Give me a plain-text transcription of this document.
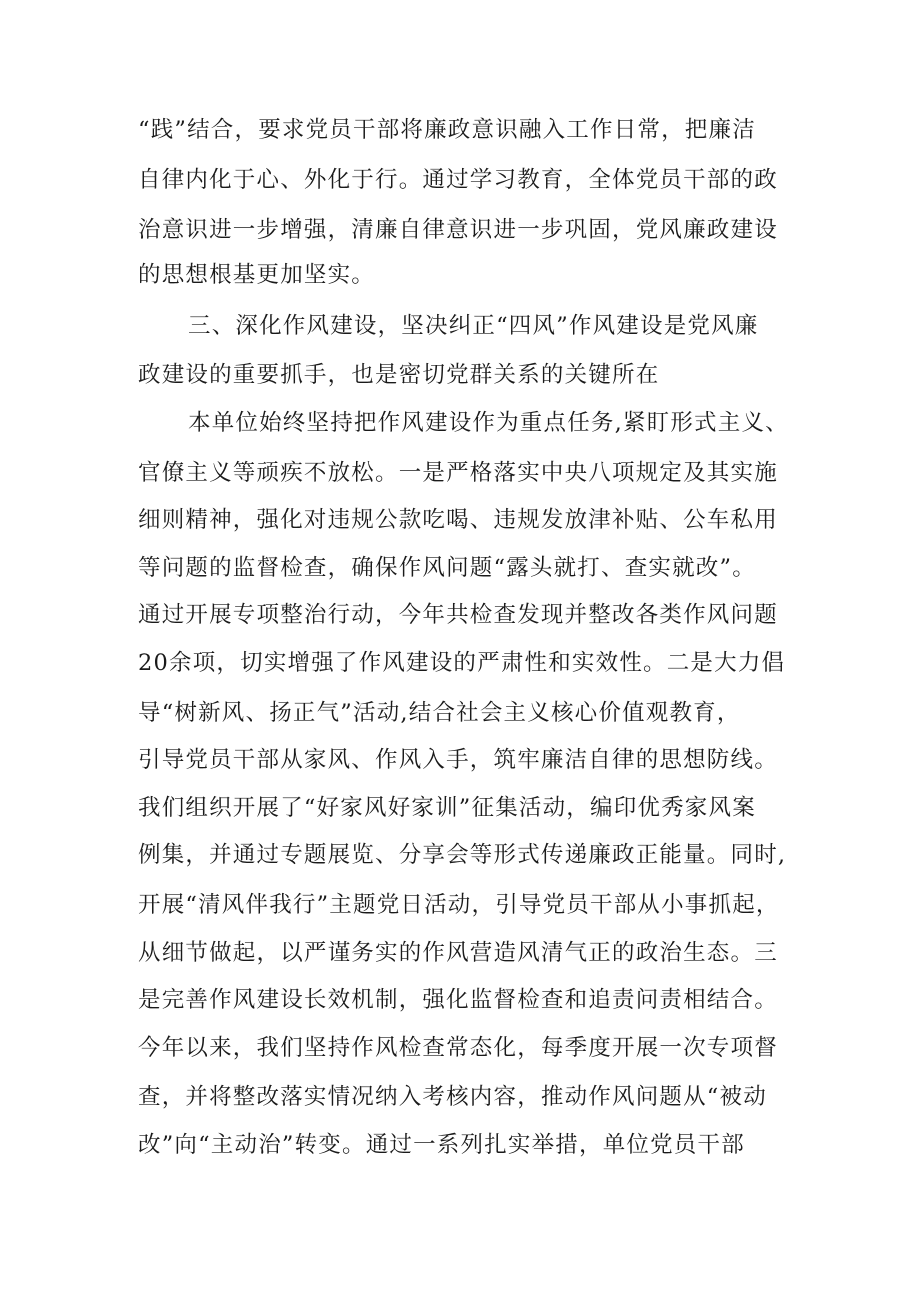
“践”结合，要求党员干部将廉政意识融入工作日常，把廉洁
自律内化于心、外化于行。通过学习教育，全体党员干部的政
治意识进一步增强，清廉自律意识进一步巩固，党风廉政建设
的思想根基更加坚实。
三、深化作风建设，坚决纠正“四风”作风建设是党风廉
政建设的重要抓手，也是密切党群关系的关键所在
本单位始终坚持把作风建设作为重点任务,紧盯形式主义、
官僚主义等顽疾不放松。一是严格落实中央八项规定及其实施
细则精神，强化对违规公款吃喝、违规发放津补贴、公车私用
等问题的监督检查，确保作风问题“露头就打、查实就改”。
通过开展专项整治行动，今年共检查发现并整改各类作风问题
20余项，切实增强了作风建设的严肃性和实效性。二是大力倡
导“树新风、扬正气”活动,结合社会主义核心价值观教育，
引导党员干部从家风、作风入手，筑牢廉洁自律的思想防线。
我们组织开展了“好家风好家训”征集活动，编印优秀家风案
例集，并通过专题展览、分享会等形式传递廉政正能量。同时,
开展“清风伴我行”主题党日活动，引导党员干部从小事抓起，
从细节做起，以严谨务实的作风营造风清气正的政治生态。三
是完善作风建设长效机制，强化监督检查和追责问责相结合。
今年以来，我们坚持作风检查常态化，每季度开展一次专项督
查，并将整改落实情况纳入考核内容，推动作风问题从“被动
改”向“主动治”转变。通过一系列扎实举措，单位党员干部
